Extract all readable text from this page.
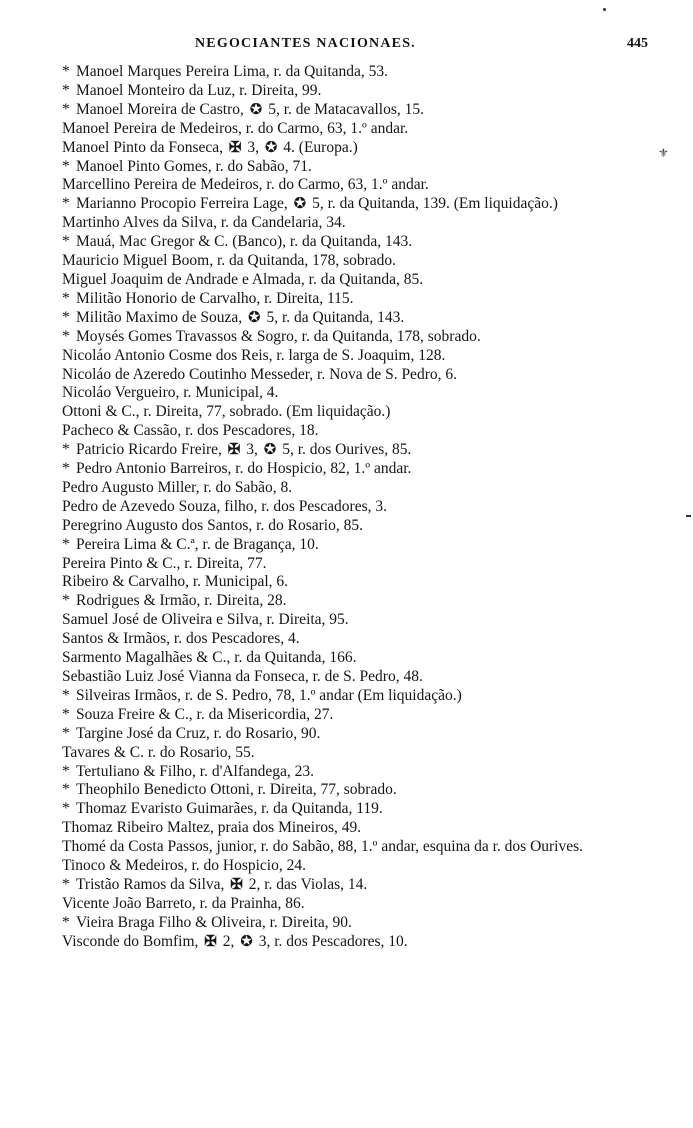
NEGOCIANTES NACIONAES.	445
⚜
* Manoel Marques Pereira Lima, r. da Quitanda, 53.
* Manoel Monteiro da Luz, r. Direita, 99.
* Manoel Moreira de Castro, ✪ 5, r. de Matacavallos, 15.
Manoel Pereira de Medeiros, r. do Carmo, 63, 1.º andar.
Manoel Pinto da Fonseca, ✠ 3, ✪ 4. (Europa.)
* Manoel Pinto Gomes, r. do Sabão, 71.
Marcellino Pereira de Medeiros, r. do Carmo, 63, 1.º andar.
* Marianno Procopio Ferreira Lage, ✪ 5, r. da Quitanda, 139. (Em liquidação.)
Martinho Alves da Silva, r. da Candelaria, 34.
* Mauá, Mac Gregor & C. (Banco), r. da Quitanda, 143.
Mauricio Miguel Boom, r. da Quitanda, 178, sobrado.
Miguel Joaquim de Andrade e Almada, r. da Quitanda, 85.
* Militão Honorio de Carvalho, r. Direita, 115.
* Militão Maximo de Souza, ✪ 5, r. da Quitanda, 143.
* Moysés Gomes Travassos & Sogro, r. da Quitanda, 178, sobrado.
Nicoláo Antonio Cosme dos Reis, r. larga de S. Joaquim, 128.
Nicoláo de Azeredo Coutinho Messeder, r. Nova de S. Pedro, 6.
Nicoláo Vergueiro, r. Municipal, 4.
Ottoni & C., r. Direita, 77, sobrado. (Em liquidação.)
Pacheco & Cassão, r. dos Pescadores, 18.
* Patricio Ricardo Freire, ✠ 3, ✪ 5, r. dos Ourives, 85.
* Pedro Antonio Barreiros, r. do Hospicio, 82, 1.º andar.
Pedro Augusto Miller, r. do Sabão, 8.
Pedro de Azevedo Souza, filho, r. dos Pescadores, 3.
Peregrino Augusto dos Santos, r. do Rosario, 85.
* Pereira Lima & C.ª, r. de Bragança, 10.
Pereira Pinto & C., r. Direita, 77.
Ribeiro & Carvalho, r. Municipal, 6.
* Rodrigues & Irmão, r. Direita, 28.
Samuel José de Oliveira e Silva, r. Direita, 95.
Santos & Irmãos, r. dos Pescadores, 4.
Sarmento Magalhães & C., r. da Quitanda, 166.
Sebastião Luiz José Vianna da Fonseca, r. de S. Pedro, 48.
* Silveiras Irmãos, r. de S. Pedro, 78, 1.º andar (Em liquidação.)
* Souza Freire & C., r. da Misericordia, 27.
* Targine José da Cruz, r. do Rosario, 90.
Tavares & C. r. do Rosario, 55.
* Tertuliano & Filho, r. d'Alfandega, 23.
* Theophilo Benedicto Ottoni, r. Direita, 77, sobrado.
* Thomaz Evaristo Guimarães, r. da Quitanda, 119.
Thomaz Ribeiro Maltez, praia dos Mineiros, 49.
Thomé da Costa Passos, junior, r. do Sabão, 88, 1.º andar, esquina da r. dos Ourives.
Tinoco & Medeiros, r. do Hospicio, 24.
* Tristão Ramos da Silva, ✠ 2, r. das Violas, 14.
Vicente João Barreto, r. da Prainha, 86.
* Vieira Braga Filho & Oliveira, r. Direita, 90.
Visconde do Bomfim, ✠ 2, ✪ 3, r. dos Pescadores, 10.
